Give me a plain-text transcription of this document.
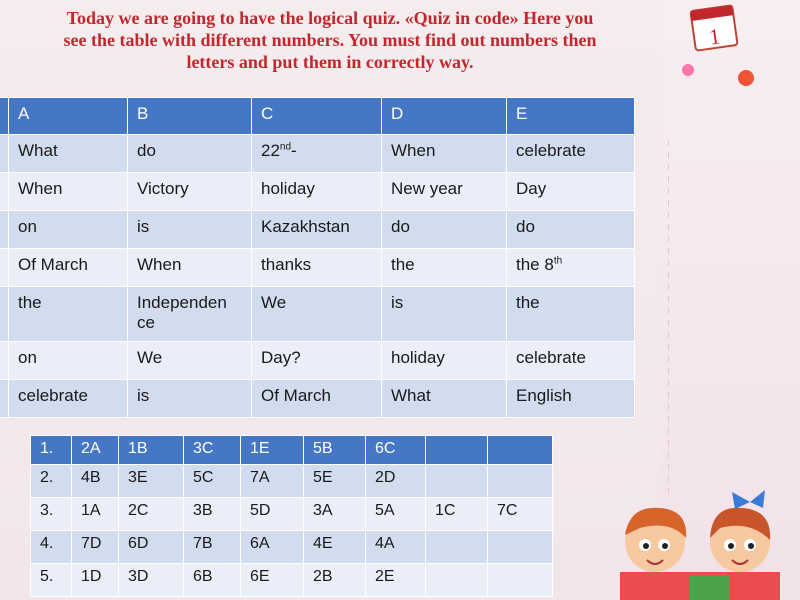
Today we are going to have the logical quiz. «Quiz in code» Here you
see the table with different numbers. You must find out numbers then
letters and put them in correctly way.
1
	A	B	C	D	E
	What	do	22nd-	When	celebrate
	When	Victory	holiday	New year	Day
	on	is	Kazakhstan	do	do
	Of March	When	thanks	the	the 8th
	the	Independen
ce	We	is	the
	on	We	Day?	holiday	celebrate
	celebrate	is	Of March	What	English
1.	2A	1B	3C	1E	5B	6C		
2.	4B	3E	5C	7A	5E	2D		
3.	1A	2C	3B	5D	3A	5A	1C	7C
4.	7D	6D	7B	6A	4E	4A		
5.	1D	3D	6B	6E	2B	2E		
